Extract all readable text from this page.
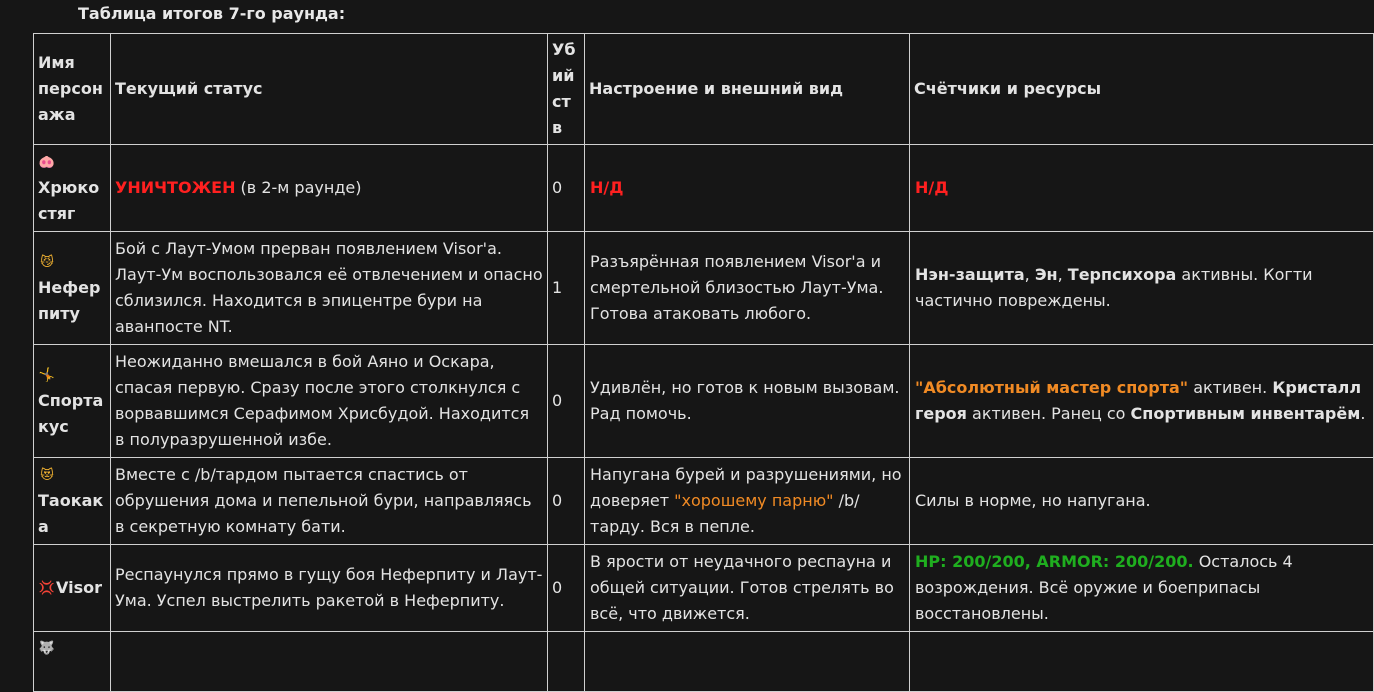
Таблица итогов 7-го раунда:
Имя персонажа	Текущий статус	Убийств	Настроение и внешний вид	Счётчики и ресурсы
🐽
Хрюкостяг	УНИЧТОЖЕН (в 2-м раунде)	0	Н/Д	Н/Д
😼
Неферпиту	Бой с Лаут-Умом прерван появлением Visor'а. Лаут-Ум воспользовался её отвлечением и опасно сблизился. Находится в эпицентре бури на аванпосте NT.	1	Разъярённая появлением Visor'а и смертельной близостью Лаут-Ума. Готова атаковать любого.	Нэн-защита, Эн, Терпсихора активны. Когти частично повреждены.
🤸
Спортакус	Неожиданно вмешался в бой Аяно и Оскара, спасая первую. Сразу после этого столкнулся с ворвавшимся Серафимом Хрисбудой. Находится в полуразрушенной избе.	0	Удивлён, но готов к новым вызовам. Рад помочь.	"Абсолютный мастер спорта" активен. Кристалл героя активен. Ранец со Спортивным инвентарём.
😻
Таокака	Вместе с /b/тардом пытается спастись от обрушения дома и пепельной бури, направляясь в секретную комнату бати.	0	Напугана бурей и разрушениями, но доверяет "хорошему парню" /b/тарду. Вся в пепле.	Силы в норме, но напугана.
💢Visor	Респаунулся прямо в гущу боя Неферпиту и Лаут-Ума. Успел выстрелить ракетой в Неферпиту.	0	В ярости от неудачного респауна и общей ситуации. Готов стрелять во всё, что движется.	HP: 200/200, ARMOR: 200/200. Осталось 4 возрождения. Всё оружие и боеприпасы восстановлены.
🐺				
